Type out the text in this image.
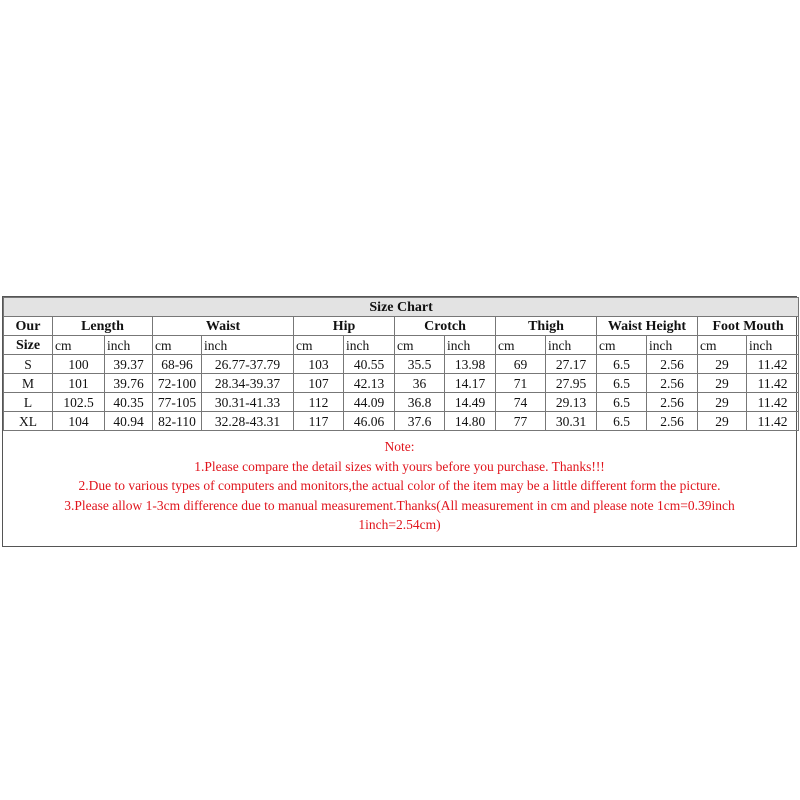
Size Chart														
Our	Length		Waist		Hip		Crotch		Thigh		Waist Height		Foot Mouth	
Size	cm	inch	cm	inch	cm	inch	cm	inch	cm	inch	cm	inch	cm	inch
S	100	39.37	68-96	26.77-37.79	103	40.55	35.5	13.98	69	27.17	6.5	2.56	29	11.42
M	101	39.76	72-100	28.34-39.37	107	42.13	36	14.17	71	27.95	6.5	2.56	29	11.42
L	102.5	40.35	77-105	30.31-41.33	112	44.09	36.8	14.49	74	29.13	6.5	2.56	29	11.42
XL	104	40.94	82-110	32.28-43.31	117	46.06	37.6	14.80	77	30.31	6.5	2.56	29	11.42
Note:
1.Please compare the detail sizes with yours before you purchase. Thanks!!!
2.Due to various types of computers and monitors,the actual color of the item may be a little different form the picture.
3.Please allow 1-3cm difference due to manual measurement.Thanks(All measurement in cm and please note 1cm=0.39inch
1inch=2.54cm)
